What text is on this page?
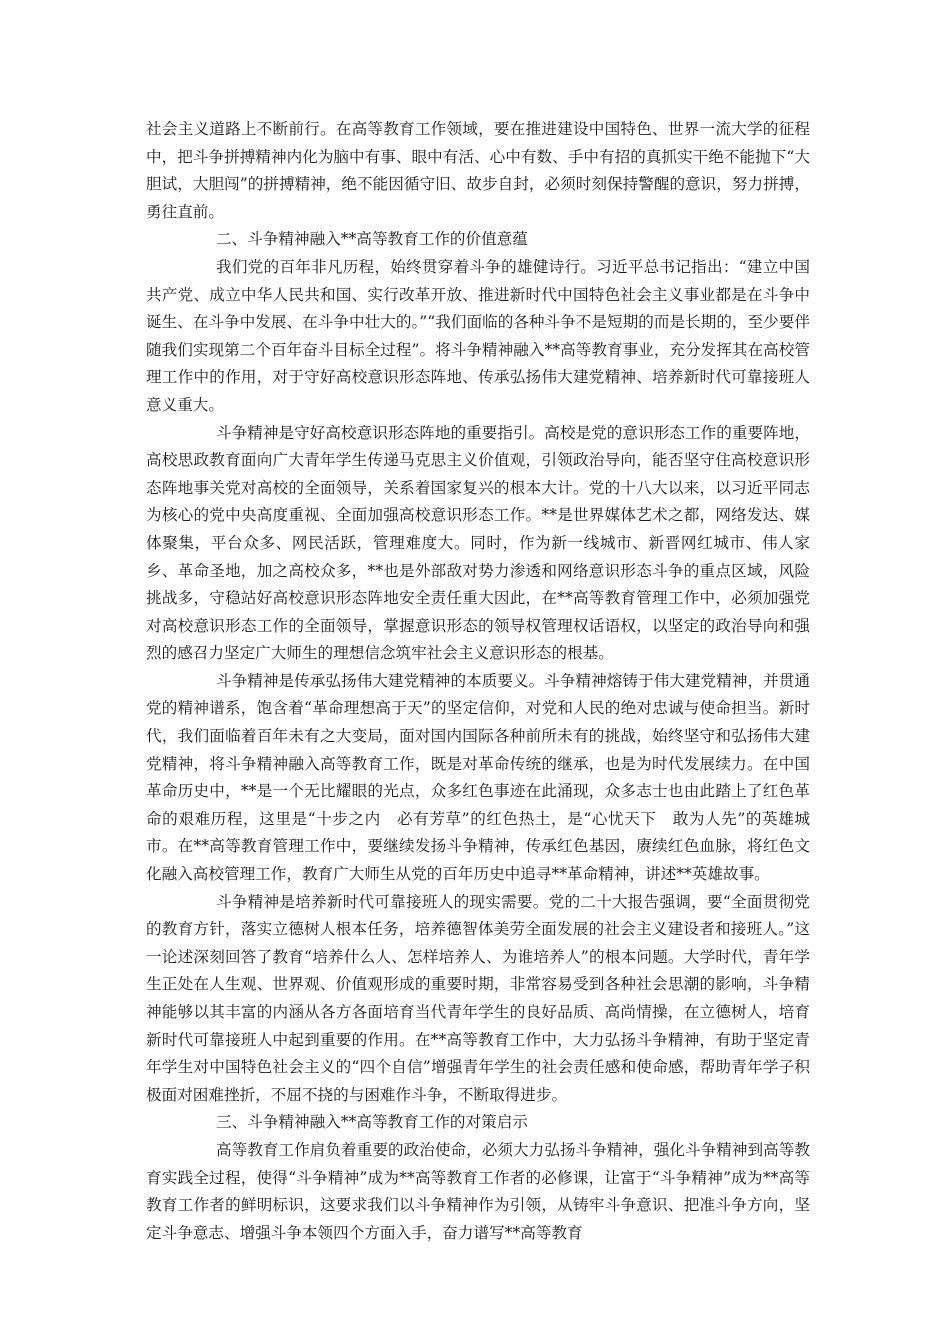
社会主义道路上不断前行。在高等教育工作领域，要在推进建设中国特色、世界一流大学的征程中，把斗争拼搏精神内化为脑中有事、眼中有活、心中有数、手中有招的真抓实干绝不能抛下“大胆试，大胆闯”的拼搏精神，绝不能因循守旧、故步自封，必须时刻保持警醒的意识，努力拼搏，勇往直前。

二、斗争精神融入**高等教育工作的价值意蕴

我们党的百年非凡历程，始终贯穿着斗争的雄健诗行。习近平总书记指出：“建立中国共产党、成立中华人民共和国、实行改革开放、推进新时代中国特色社会主义事业都是在斗争中诞生、在斗争中发展、在斗争中壮大的。”“我们面临的各种斗争不是短期的而是长期的，至少要伴随我们实现第二个百年奋斗目标全过程”。将斗争精神融入**高等教育事业，充分发挥其在高校管理工作中的作用，对于守好高校意识形态阵地、传承弘扬伟大建党精神、培养新时代可靠接班人意义重大。

斗争精神是守好高校意识形态阵地的重要指引。高校是党的意识形态工作的重要阵地，高校思政教育面向广大青年学生传递马克思主义价值观，引领政治导向，能否坚守住高校意识形态阵地事关党对高校的全面领导，关系着国家复兴的根本大计。党的十八大以来，以习近平同志为核心的党中央高度重视、全面加强高校意识形态工作。**是世界媒体艺术之都，网络发达、媒体聚集，平台众多、网民活跃，管理难度大。同时，作为新一线城市、新晋网红城市、伟人家乡、革命圣地，加之高校众多，**也是外部敌对势力渗透和网络意识形态斗争的重点区域，风险挑战多，守稳站好高校意识形态阵地安全责任重大因此，在**高等教育管理工作中，必须加强党对高校意识形态工作的全面领导，掌握意识形态的领导权管理权话语权，以坚定的政治导向和强烈的感召力坚定广大师生的理想信念筑牢社会主义意识形态的根基。

斗争精神是传承弘扬伟大建党精神的本质要义。斗争精神熔铸于伟大建党精神，并贯通党的精神谱系，饱含着“革命理想高于天”的坚定信仰，对党和人民的绝对忠诚与使命担当。新时代，我们面临着百年未有之大变局，面对国内国际各种前所未有的挑战，始终坚守和弘扬伟大建党精神，将斗争精神融入高等教育工作，既是对革命传统的继承，也是为时代发展续力。在中国革命历史中，**是一个无比耀眼的光点，众多红色事迹在此涌现，众多志士也由此踏上了红色革命的艰难历程，这里是“十步之内　必有芳草”的红色热土，是“心忧天下　敢为人先”的英雄城市。在**高等教育管理工作中，要继续发扬斗争精神，传承红色基因，赓续红色血脉，将红色文化融入高校管理工作，教育广大师生从党的百年历史中追寻**革命精神，讲述**英雄故事。

斗争精神是培养新时代可靠接班人的现实需要。党的二十大报告强调，要“全面贯彻党的教育方针，落实立德树人根本任务，培养德智体美劳全面发展的社会主义建设者和接班人。”这一论述深刻回答了教育“培养什么人、怎样培养人、为谁培养人”的根本问题。大学时代，青年学生正处在人生观、世界观、价值观形成的重要时期，非常容易受到各种社会思潮的影响，斗争精神能够以其丰富的内涵从各方各面培育当代青年学生的良好品质、高尚情操，在立德树人，培育新时代可靠接班人中起到重要的作用。在**高等教育工作中，大力弘扬斗争精神，有助于坚定青年学生对中国特色社会主义的“四个自信”增强青年学生的社会责任感和使命感，帮助青年学子积极面对困难挫折，不屈不挠的与困难作斗争，不断取得进步。

三、斗争精神融入**高等教育工作的对策启示

高等教育工作肩负着重要的政治使命，必须大力弘扬斗争精神，强化斗争精神到高等教育实践全过程，使得“斗争精神”成为**高等教育工作者的必修课，让富于“斗争精神”成为**高等教育工作者的鲜明标识，这要求我们以斗争精神作为引领，从铸牢斗争意识、把准斗争方向，坚定斗争意志、增强斗争本领四个方面入手，奋力谱写**高等教育
